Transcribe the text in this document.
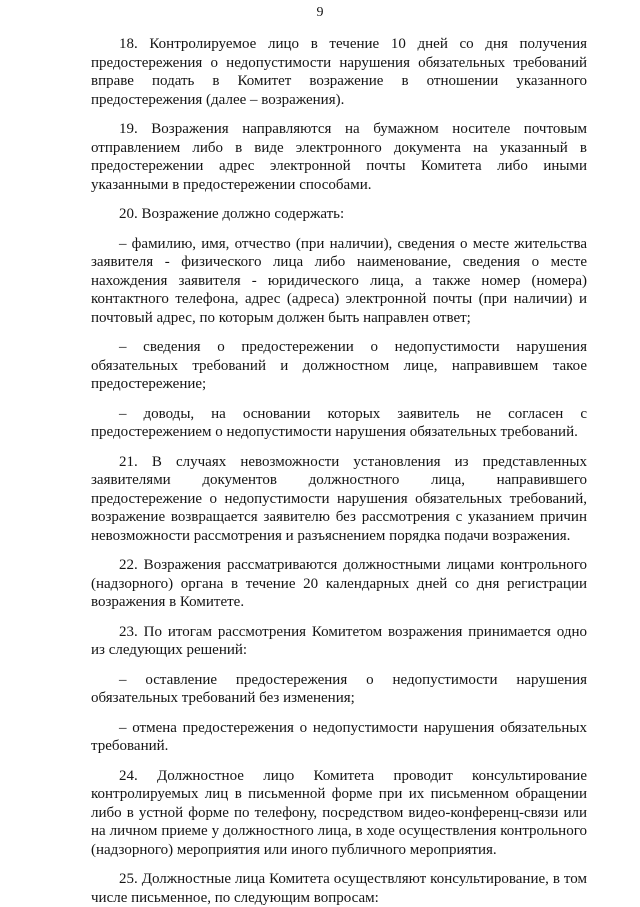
9

18. Контролируемое лицо в течение 10 дней со дня получения предостережения о недопустимости нарушения обязательных требований вправе подать в Комитет возражение в отношении указанного предостережения (далее – возражения).

19. Возражения направляются на бумажном носителе почтовым отправлением либо в виде электронного документа на указанный в предостережении адрес электронной почты Комитета либо иными указанными в предостережении способами.

20. Возражение должно содержать:

– фамилию, имя, отчество (при наличии), сведения о месте жительства заявителя - физического лица либо наименование, сведения о месте нахождения заявителя - юридического лица, а также номер (номера) контактного телефона, адрес (адреса) электронной почты (при наличии) и почтовый адрес, по которым должен быть направлен ответ;

– сведения о предостережении о недопустимости нарушения обязательных требований и должностном лице, направившем такое предостережение;

– доводы, на основании которых заявитель не согласен с предостережением о недопустимости нарушения обязательных требований.

21. В случаях невозможности установления из представленных заявителями документов должностного лица, направившего предостережение о недопустимости нарушения обязательных требований, возражение возвращается заявителю без рассмотрения с указанием причин невозможности рассмотрения и разъяснением порядка подачи возражения.

22. Возражения рассматриваются должностными лицами контрольного (надзорного) органа в течение 20 календарных дней со дня регистрации возражения в Комитете.

23. По итогам рассмотрения Комитетом возражения принимается одно из следующих решений:

– оставление предостережения о недопустимости нарушения обязательных требований без изменения;

– отмена предостережения о недопустимости нарушения обязательных требований.

24. Должностное лицо Комитета проводит консультирование контролируемых лиц в письменной форме при их письменном обращении либо в устной форме по телефону, посредством видео-конференц-связи или на личном приеме у должностного лица, в ходе осуществления контрольного (надзорного) мероприятия или иного публичного мероприятия.

25. Должностные лица Комитета осуществляют консультирование, в том числе письменное, по следующим вопросам:
